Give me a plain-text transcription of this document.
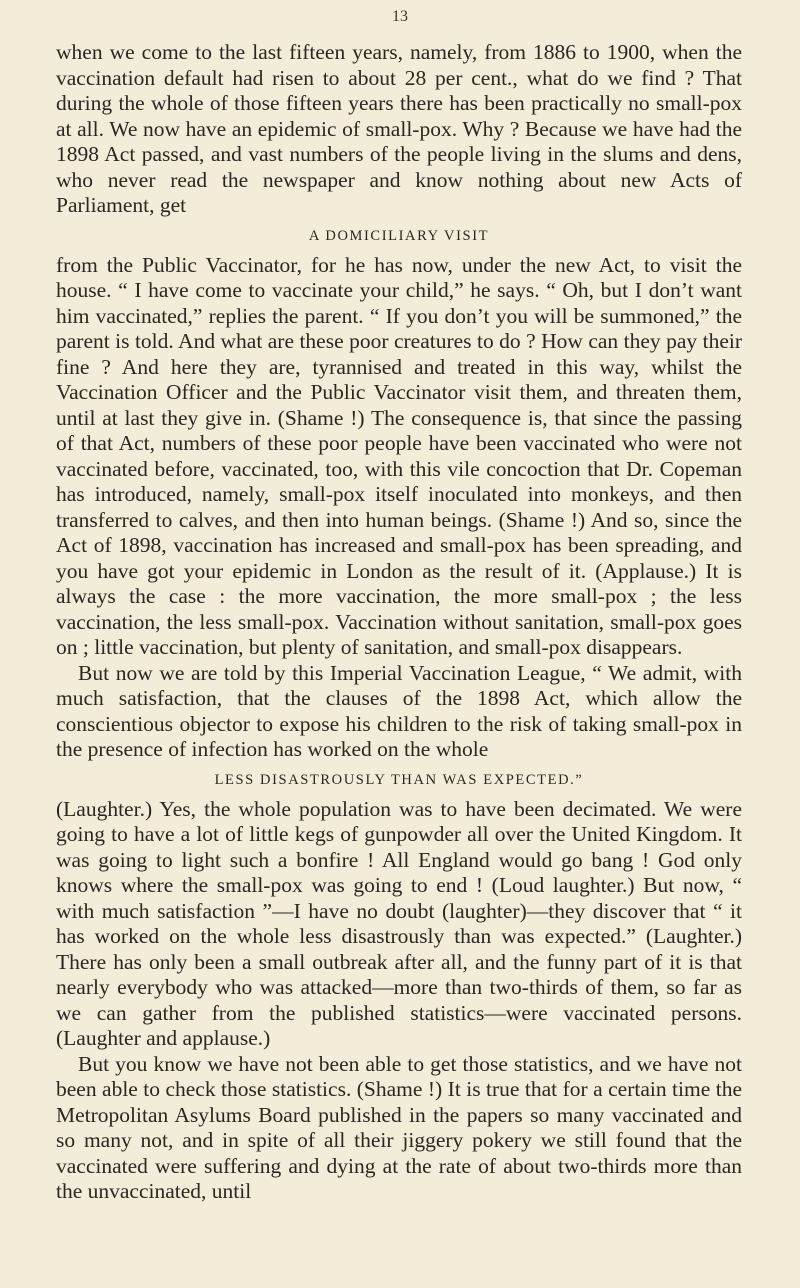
13

when we come to the last fifteen years, namely, from 1886 to 1900, when the vaccination default had risen to about 28 per cent., what do we find ? That during the whole of those fifteen years there has been practically no small-pox at all. We now have an epidemic of small-pox. Why ? Because we have had the 1898 Act passed, and vast numbers of the people living in the slums and dens, who never read the newspaper and know nothing about new Acts of Parliament, get

A DOMICILIARY VISIT

from the Public Vaccinator, for he has now, under the new Act, to visit the house. “ I have come to vaccinate your child,” he says. “ Oh, but I don’t want him vaccinated,” replies the parent. “ If you don’t you will be summoned,” the parent is told. And what are these poor creatures to do ? How can they pay their fine ? And here they are, tyrannised and treated in this way, whilst the Vaccination Officer and the Public Vaccinator visit them, and threaten them, until at last they give in. (Shame !) The consequence is, that since the passing of that Act, numbers of these poor people have been vaccinated who were not vaccinated before, vaccinated, too, with this vile concoction that Dr. Copeman has introduced, namely, small-pox itself inoculated into monkeys, and then transferred to calves, and then into human beings. (Shame !) And so, since the Act of 1898, vaccination has increased and small-pox has been spreading, and you have got your epidemic in London as the result of it. (Applause.) It is always the case : the more vaccination, the more small-pox ; the less vaccination, the less small-pox. Vaccination without sanitation, small-pox goes on ; little vaccination, but plenty of sanitation, and small-pox disappears.

But now we are told by this Imperial Vaccination League, “ We admit, with much satisfaction, that the clauses of the 1898 Act, which allow the conscientious objector to expose his children to the risk of taking small-pox in the presence of infection has worked on the whole

LESS DISASTROUSLY THAN WAS EXPECTED.”

(Laughter.) Yes, the whole population was to have been decimated. We were going to have a lot of little kegs of gunpowder all over the United Kingdom. It was going to light such a bonfire ! All England would go bang ! God only knows where the small-pox was going to end ! (Loud laughter.) But now, “ with much satisfaction ”—I have no doubt (laughter)—they discover that “ it has worked on the whole less disastrously than was expected.” (Laughter.) There has only been a small outbreak after all, and the funny part of it is that nearly everybody who was attacked—more than two-thirds of them, so far as we can gather from the published statistics—were vaccinated persons. (Laughter and applause.)

But you know we have not been able to get those statistics, and we have not been able to check those statistics. (Shame !) It is true that for a certain time the Metropolitan Asylums Board published in the papers so many vaccinated and so many not, and in spite of all their jiggery pokery we still found that the vaccinated were suffering and dying at the rate of about two-thirds more than the unvaccinated, until
